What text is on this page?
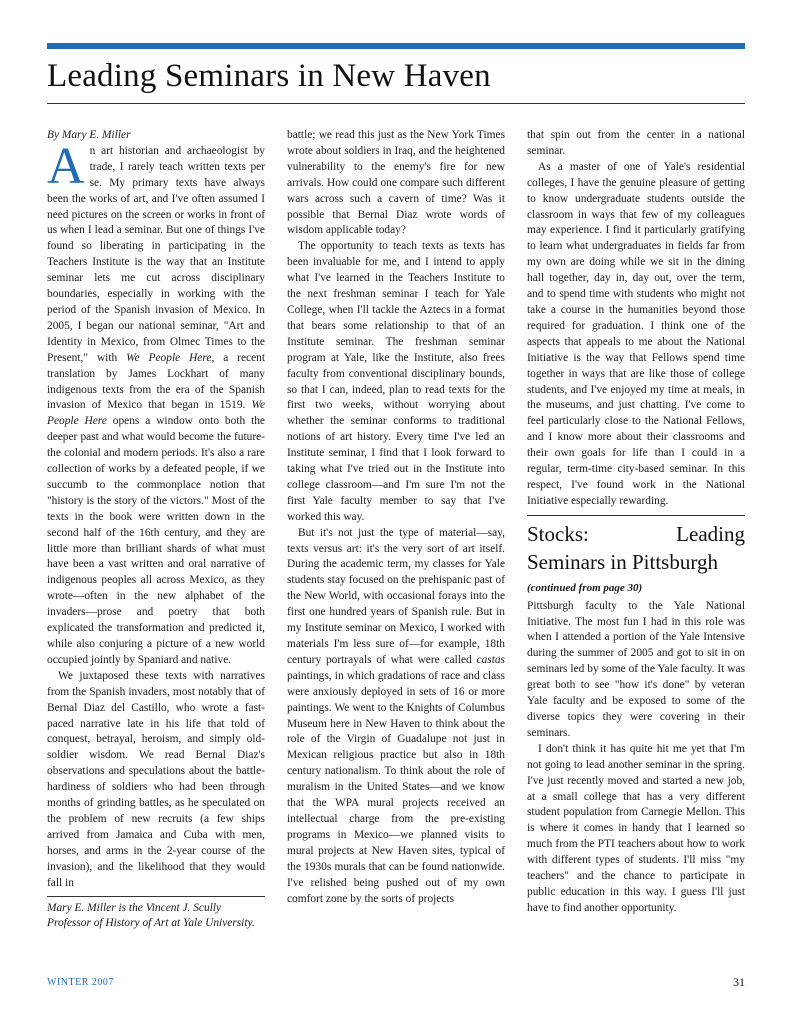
Leading Seminars in New Haven

By Mary E. Miller

An art historian and archaeologist by trade, I rarely teach written texts per se. My primary texts have always been the works of art, and I've often assumed I need pictures on the screen or works in front of us when I lead a seminar. But one of things I've found so liberating in participating in the Teachers Institute is the way that an Institute seminar lets me cut across disciplinary boundaries, especially in working with the period of the Spanish invasion of Mexico. In 2005, I began our national seminar, "Art and Identity in Mexico, from Olmec Times to the Present," with We People Here, a recent translation by James Lockhart of many indigenous texts from the era of the Spanish invasion of Mexico that began in 1519. We People Here opens a window onto both the deeper past and what would become the future-the colonial and modern periods. It's also a rare collection of works by a defeated people, if we succumb to the commonplace notion that "history is the story of the victors." Most of the texts in the book were written down in the second half of the 16th century, and they are little more than brilliant shards of what must have been a vast written and oral narrative of indigenous peoples all across Mexico, as they wrote—often in the new alphabet of the invaders—prose and poetry that both explicated the transformation and predicted it, while also conjuring a picture of a new world occupied jointly by Spaniard and native.

We juxtaposed these texts with narratives from the Spanish invaders, most notably that of Bernal Diaz del Castillo, who wrote a fast-paced narrative late in his life that told of conquest, betrayal, heroism, and simply old-soldier wisdom. We read Bernal Diaz's observations and speculations about the battle-hardiness of soldiers who had been through months of grinding battles, as he speculated on the problem of new recruits (a few ships arrived from Jamaica and Cuba with men, horses, and arms in the 2-year course of the invasion), and the likelihood that they would fall in

Mary E. Miller is the Vincent J. Scully Professor of History of Art at Yale University.

battle; we read this just as the New York Times wrote about soldiers in Iraq, and the heightened vulnerability to the enemy's fire for new arrivals. How could one compare such different wars across such a cavern of time? Was it possible that Bernal Diaz wrote words of wisdom applicable today?

The opportunity to teach texts as texts has been invaluable for me, and I intend to apply what I've learned in the Teachers Institute to the next freshman seminar I teach for Yale College, when I'll tackle the Aztecs in a format that bears some relationship to that of an Institute seminar. The freshman seminar program at Yale, like the Institute, also frees faculty from conventional disciplinary bounds, so that I can, indeed, plan to read texts for the first two weeks, without worrying about whether the seminar conforms to traditional notions of art history. Every time I've led an Institute seminar, I find that I look forward to taking what I've tried out in the Institute into college classroom—and I'm sure I'm not the first Yale faculty member to say that I've worked this way.

But it's not just the type of material—say, texts versus art: it's the very sort of art itself. During the academic term, my classes for Yale students stay focused on the prehispanic past of the New World, with occasional forays into the first one hundred years of Spanish rule. But in my Institute seminar on Mexico, I worked with materials I'm less sure of—for example, 18th century portrayals of what were called castas paintings, in which gradations of race and class were anxiously deployed in sets of 16 or more paintings. We went to the Knights of Columbus Museum here in New Haven to think about the role of the Virgin of Guadalupe not just in Mexican religious practice but also in 18th century nationalism. To think about the role of muralism in the United States—and we know that the WPA mural projects received an intellectual charge from the pre-existing programs in Mexico—we planned visits to mural projects at New Haven sites, typical of the 1930s murals that can be found nationwide. I've relished being pushed out of my own comfort zone by the sorts of projects

that spin out from the center in a national seminar.

As a master of one of Yale's residential colleges, I have the genuine pleasure of getting to know undergraduate students outside the classroom in ways that few of my colleagues may experience. I find it particularly gratifying to learn what undergraduates in fields far from my own are doing while we sit in the dining hall together, day in, day out, over the term, and to spend time with students who might not take a course in the humanities beyond those required for graduation. I think one of the aspects that appeals to me about the National Initiative is the way that Fellows spend time together in ways that are like those of college students, and I've enjoyed my time at meals, in the museums, and just chatting. I've come to feel particularly close to the National Fellows, and I know more about their classrooms and their own goals for life than I could in a regular, term-time city-based seminar. In this respect, I've found work in the National Initiative especially rewarding.

Stocks: Leading Seminars in Pittsburgh

(continued from page 30)

Pittsburgh faculty to the Yale National Initiative. The most fun I had in this role was when I attended a portion of the Yale Intensive during the summer of 2005 and got to sit in on seminars led by some of the Yale faculty. It was great both to see "how it's done" by veteran Yale faculty and be exposed to some of the diverse topics they were covering in their seminars.

I don't think it has quite hit me yet that I'm not going to lead another seminar in the spring. I've just recently moved and started a new job, at a small college that has a very different student population from Carnegie Mellon. This is where it comes in handy that I learned so much from the PTI teachers about how to work with different types of students. I'll miss "my teachers" and the chance to participate in public education in this way. I guess I'll just have to find another opportunity.

WINTER 2007	31
